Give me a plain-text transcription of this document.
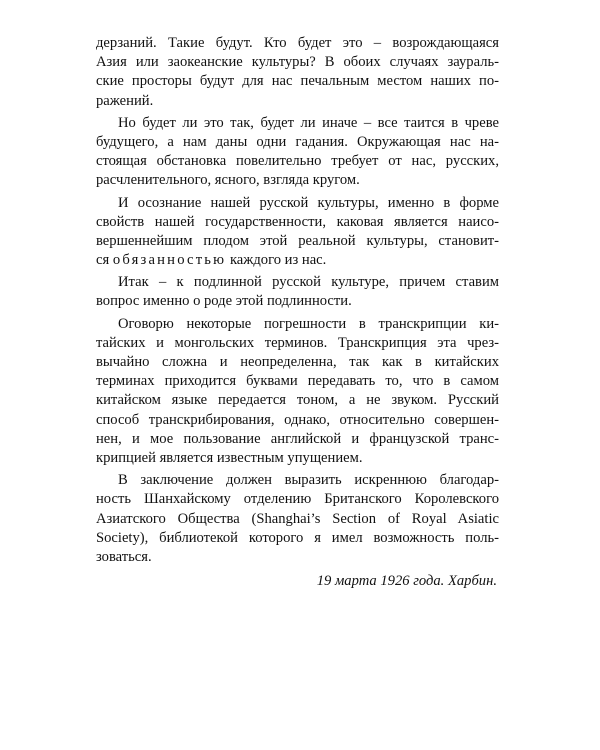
дерзаний. Такие будут. Кто будет это – возрождающаяся
Азия или заокеанские культуры? В обоих случаях заураль-
ские просторы будут для нас печальным местом наших по-
ражений.
Но будет ли это так, будет ли иначе – все таится в чреве
будущего, а нам даны одни гадания. Окружающая нас на-
стоящая обстановка повелительно требует от нас, русских,
расчленительного, ясного, взгляда кругом.
И осознание нашей русской культуры, именно в форме
свойств нашей государственности, каковая является наисо-
вершеннейшим плодом этой реальной культуры, становит-
ся обязанностью каждого из нас.
Итак – к подлинной русской культуре, причем ставим
вопрос именно о роде этой подлинности.
Оговорю некоторые погрешности в транскрипции ки-
тайских и монгольских терминов. Транскрипция эта чрез-
вычайно сложна и неопределенна, так как в китайских
терминах приходится буквами передавать то, что в самом
китайском языке передается тоном, а не звуком. Русский
способ транскрибирования, однако, относительно совершен-
нен, и мое пользование английской и французской транс-
крипцией является известным упущением.
В заключение должен выразить искреннюю благодар-
ность Шанхайскому отделению Британского Королевского
Азиатского Общества (Shanghai’s Section of Royal Asiatic
Society), библиотекой которого я имел возможность поль-
зоваться.
19 марта 1926 года. Харбин.
